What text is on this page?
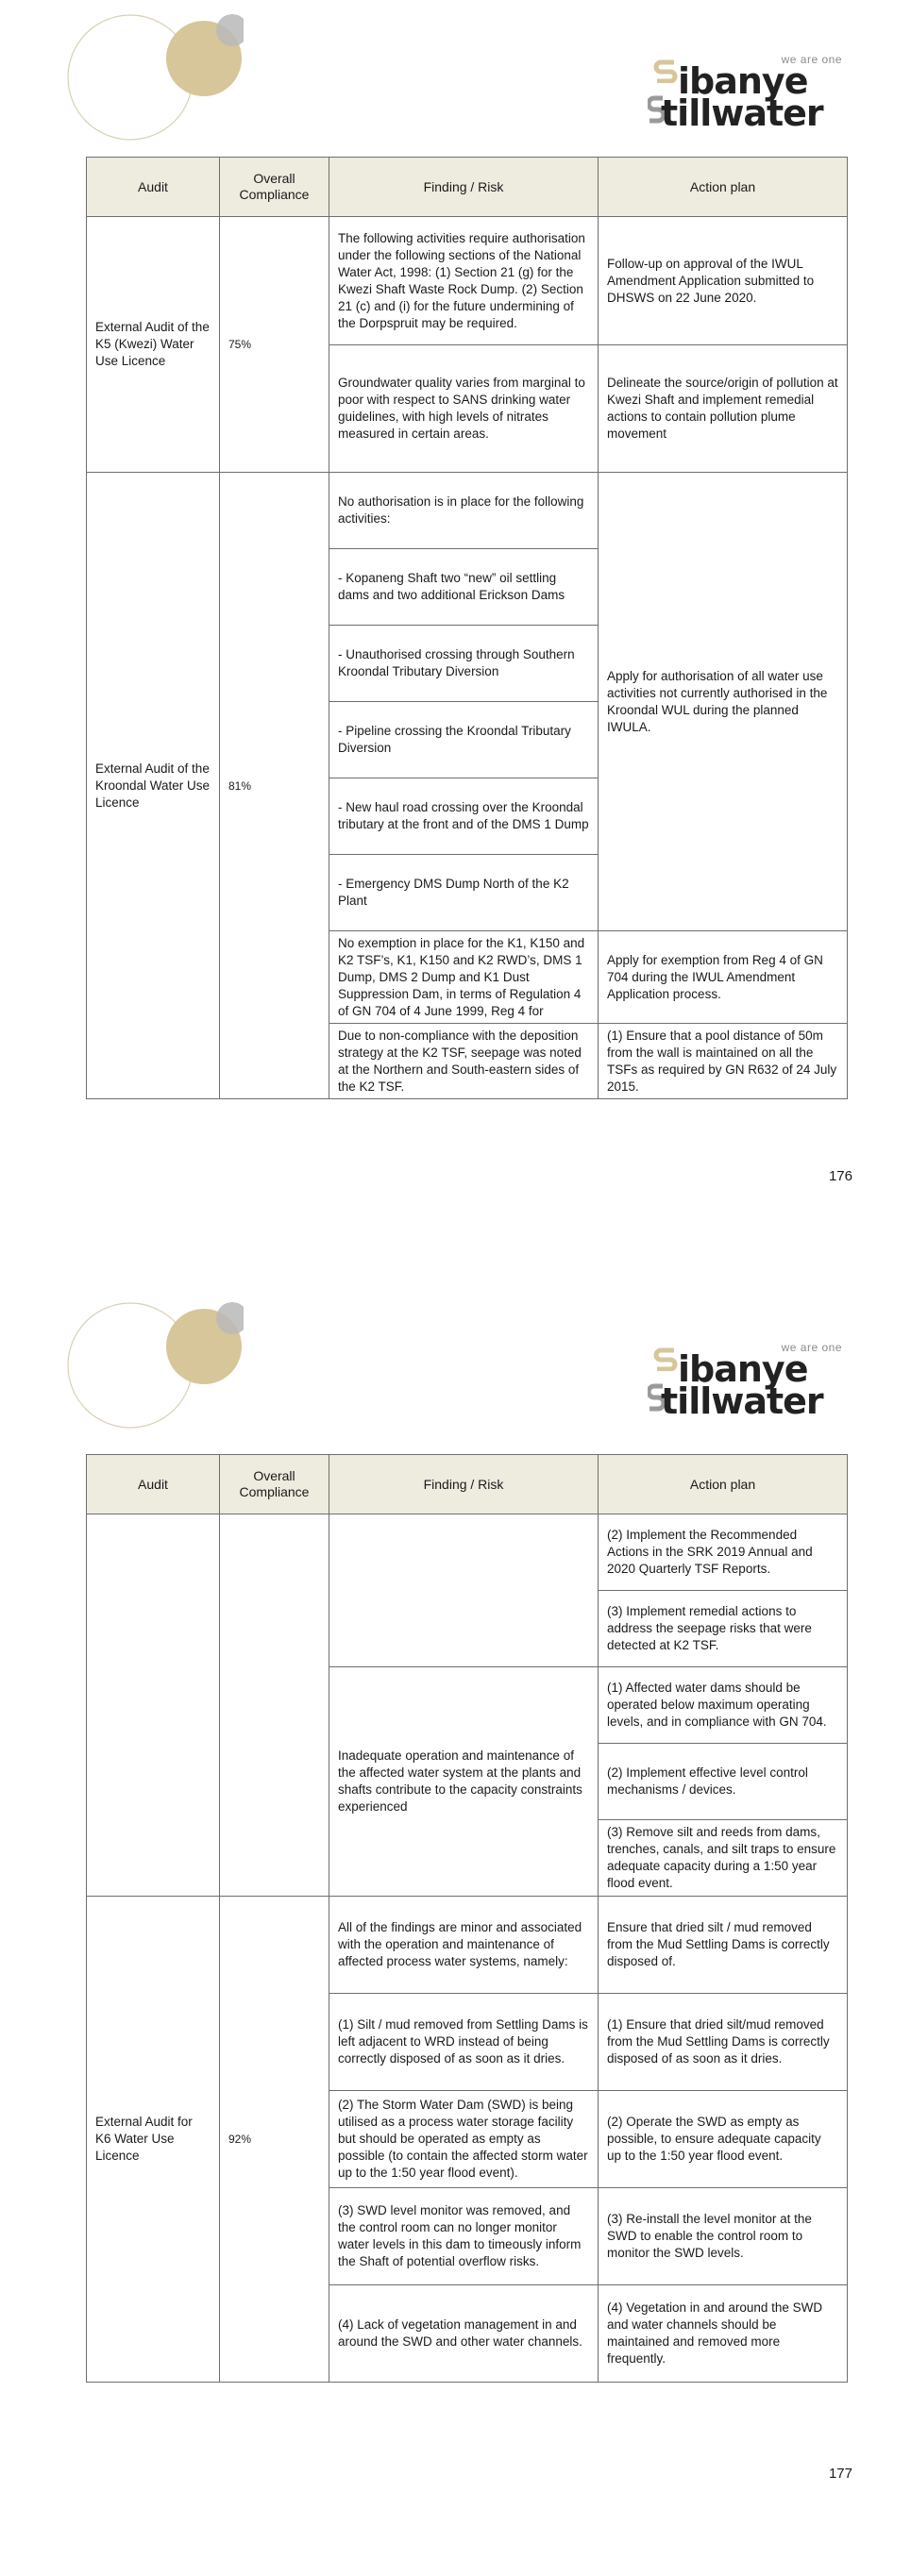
we are one
ibanye
tillwater
Audit	Overall Compliance	Finding / Risk	Action plan
External Audit of the K5 (Kwezi) Water Use Licence	75%	The following activities require authorisation under the following sections of the National Water Act, 1998: (1) Section 21 (g) for the Kwezi Shaft Waste Rock Dump. (2) Section 21 (c) and (i) for the future undermining of the Dorpspruit may be required.	Follow-up on approval of the IWUL Amendment Application submitted to DHSWS on 22 June 2020.
		Groundwater quality varies from marginal to poor with respect to SANS drinking water guidelines, with high levels of nitrates measured in certain areas.	Delineate the source/origin of pollution at Kwezi Shaft and implement remedial actions to contain pollution plume movement
External Audit of the Kroondal Water Use Licence	81%	No authorisation is in place for the following activities:	Apply for authorisation of all water use activities not currently authorised in the Kroondal WUL during the planned IWULA.
		- Kopaneng Shaft two “new” oil settling dams and two additional Erickson Dams	
		- Unauthorised crossing through Southern Kroondal Tributary Diversion	
		- Pipeline crossing the Kroondal Tributary Diversion	
		- New haul road crossing over the Kroondal tributary at the front and of the DMS 1 Dump	
		- Emergency DMS Dump North of the K2 Plant	
		No exemption in place for the K1, K150 and K2 TSF’s, K1, K150 and K2 RWD’s, DMS 1 Dump, DMS 2 Dump and K1 Dust Suppression Dam, in terms of Regulation 4 of GN 704 of 4 June 1999, Reg 4 for	Apply for exemption from Reg 4 of GN 704 during the IWUL Amendment Application process.
		Due to non-compliance with the deposition strategy at the K2 TSF, seepage was noted at the Northern and South-eastern sides of the K2 TSF.	(1) Ensure that a pool distance of 50m from the wall is maintained on all the TSFs as required by GN R632 of 24 July 2015.
176
we are one
ibanye
tillwater
Audit	Overall Compliance	Finding / Risk	Action plan
			(2) Implement the Recommended Actions in the SRK 2019 Annual and 2020 Quarterly TSF Reports.
			(3) Implement remedial actions to address the seepage risks that were detected at K2 TSF.
		Inadequate operation and maintenance of the affected water system at the plants and shafts contribute to the capacity constraints experienced	(1) Affected water dams should be operated below maximum operating levels, and in compliance with GN 704.
			(2) Implement effective level control mechanisms / devices.
			(3) Remove silt and reeds from dams, trenches, canals, and silt traps to ensure adequate capacity during a 1:50 year flood event.
External Audit for K6 Water Use Licence	92%	All of the findings are minor and associated with the operation and maintenance of affected process water systems, namely:	Ensure that dried silt / mud removed from the Mud Settling Dams is correctly disposed of.
		(1) Silt / mud removed from Settling Dams is left adjacent to WRD instead of being correctly disposed of as soon as it dries.	(1) Ensure that dried silt/mud removed from the Mud Settling Dams is correctly disposed of as soon as it dries.
		(2) The Storm Water Dam (SWD) is being utilised as a process water storage facility but should be operated as empty as possible (to contain the affected storm water up to the 1:50 year flood event).	(2) Operate the SWD as empty as possible, to ensure adequate capacity up to the 1:50 year flood event.
		(3) SWD level monitor was removed, and the control room can no longer monitor water levels in this dam to timeously inform the Shaft of potential overflow risks.	(3) Re-install the level monitor at the SWD to enable the control room to monitor the SWD levels.
		(4) Lack of vegetation management in and around the SWD and other water channels.	(4) Vegetation in and around the SWD and water channels should be maintained and removed more frequently.
177
